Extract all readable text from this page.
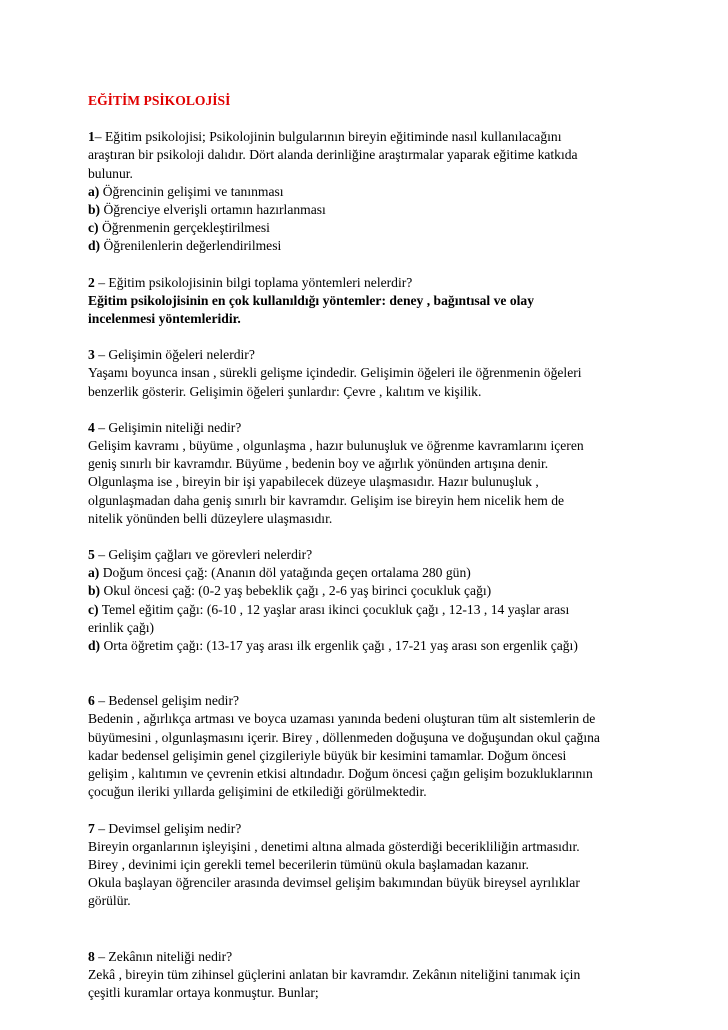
EĞİTİM PSİKOLOJİSİ
1– Eğitim psikolojisi; Psikolojinin bulgularının bireyin eğitiminde nasıl kullanılacağını
araştıran bir psikoloji dalıdır. Dört alanda derinliğine araştırmalar yaparak eğitime katkıda
bulunur.
a) Öğrencinin gelişimi ve tanınması
b) Öğrenciye elverişli ortamın hazırlanması
c) Öğrenmenin gerçekleştirilmesi
d) Öğrenilenlerin değerlendirilmesi
2 – Eğitim psikolojisinin bilgi toplama yöntemleri nelerdir?
Eğitim psikolojisinin en çok kullanıldığı yöntemler: deney , bağıntısal ve olay
incelenmesi yöntemleridir.
3 – Gelişimin öğeleri nelerdir?
Yaşamı boyunca insan , sürekli gelişme içindedir. Gelişimin öğeleri ile öğrenmenin öğeleri
benzerlik gösterir. Gelişimin öğeleri şunlardır: Çevre , kalıtım ve kişilik.
4 – Gelişimin niteliği nedir?
Gelişim kavramı , büyüme , olgunlaşma , hazır bulunuşluk ve öğrenme kavramlarını içeren
geniş sınırlı bir kavramdır. Büyüme , bedenin boy ve ağırlık yönünden artışına denir.
Olgunlaşma ise , bireyin bir işi yapabilecek düzeye ulaşmasıdır. Hazır bulunuşluk ,
olgunlaşmadan daha geniş sınırlı bir kavramdır. Gelişim ise bireyin hem nicelik hem de
nitelik yönünden belli düzeylere ulaşmasıdır.
5 – Gelişim çağları ve görevleri nelerdir?
a) Doğum öncesi çağ: (Ananın döl yatağında geçen ortalama 280 gün)
b) Okul öncesi çağ: (0-2 yaş bebeklik çağı , 2-6 yaş birinci çocukluk çağı)
c) Temel eğitim çağı: (6-10 , 12 yaşlar arası ikinci çocukluk çağı , 12-13 , 14 yaşlar arası
erinlik çağı)
d) Orta öğretim çağı: (13-17 yaş arası ilk ergenlik çağı , 17-21 yaş arası son ergenlik çağı)
6 – Bedensel gelişim nedir?
Bedenin , ağırlıkça artması ve boyca uzaması yanında bedeni oluşturan tüm alt sistemlerin de
büyümesini , olgunlaşmasını içerir. Birey , döllenmeden doğuşuna ve doğuşundan okul çağına
kadar bedensel gelişimin genel çizgileriyle büyük bir kesimini tamamlar. Doğum öncesi
gelişim , kalıtımın ve çevrenin etkisi altındadır. Doğum öncesi çağın gelişim bozukluklarının
çocuğun ileriki yıllarda gelişimini de etkilediği görülmektedir.
7 – Devimsel gelişim nedir?
Bireyin organlarının işleyişini , denetimi altına almada gösterdiği becerikliliğin artmasıdır.
Birey , devinimi için gerekli temel becerilerin tümünü okula başlamadan kazanır.
Okula başlayan öğrenciler arasında devimsel gelişim bakımından büyük bireysel ayrılıklar
görülür.
8 – Zekânın niteliği nedir?
Zekâ , bireyin tüm zihinsel güçlerini anlatan bir kavramdır. Zekânın niteliğini tanımak için
çeşitli kuramlar ortaya konmuştur. Bunlar;
